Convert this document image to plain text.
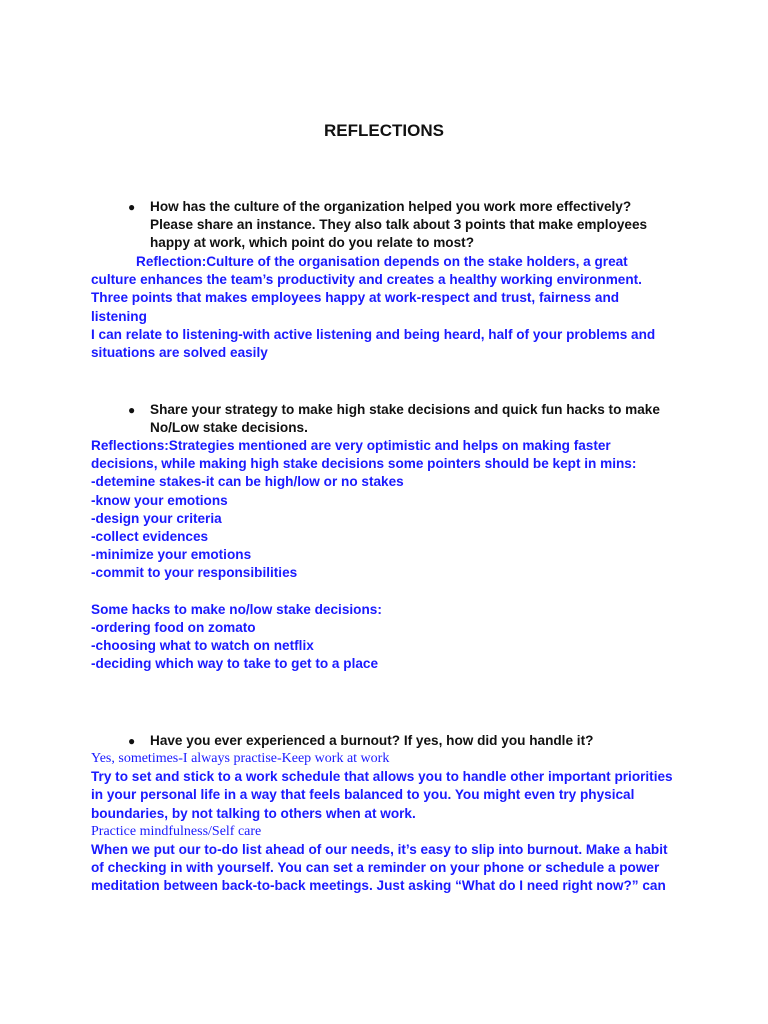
REFLECTIONS
● How has the culture of the organization helped you work more effectively?
Please share an instance. They also talk about 3 points that make employees
happy at work, which point do you relate to most?
Reflection:Culture of the organisation depends on the stake holders, a great
culture enhances the team’s productivity and creates a healthy working environment.
Three points that makes employees happy at work-respect and trust, fairness and
listening
I can relate to listening-with active listening and being heard, half of your problems and
situations are solved easily
● Share your strategy to make high stake decisions and quick fun hacks to make
No/Low stake decisions.
Reflections:Strategies mentioned are very optimistic and helps on making faster
decisions, while making high stake decisions some pointers should be kept in mins:
-detemine stakes-it can be high/low or no stakes
-know your emotions
-design your criteria
-collect evidences
-minimize your emotions
-commit to your responsibilities
Some hacks to make no/low stake decisions:
-ordering food on zomato
-choosing what to watch on netflix
-deciding which way to take to get to a place
● Have you ever experienced a burnout? If yes, how did you handle it?
Yes, sometimes-I always practise-Keep work at work
Try to set and stick to a work schedule that allows you to handle other important priorities
in your personal life in a way that feels balanced to you. You might even try physical
boundaries, by not talking to others when at work.
Practice mindfulness/Self care
When we put our to-do list ahead of our needs, it’s easy to slip into burnout. Make a habit
of checking in with yourself. You can set a reminder on your phone or schedule a power
meditation between back-to-back meetings. Just asking “What do I need right now?” can
